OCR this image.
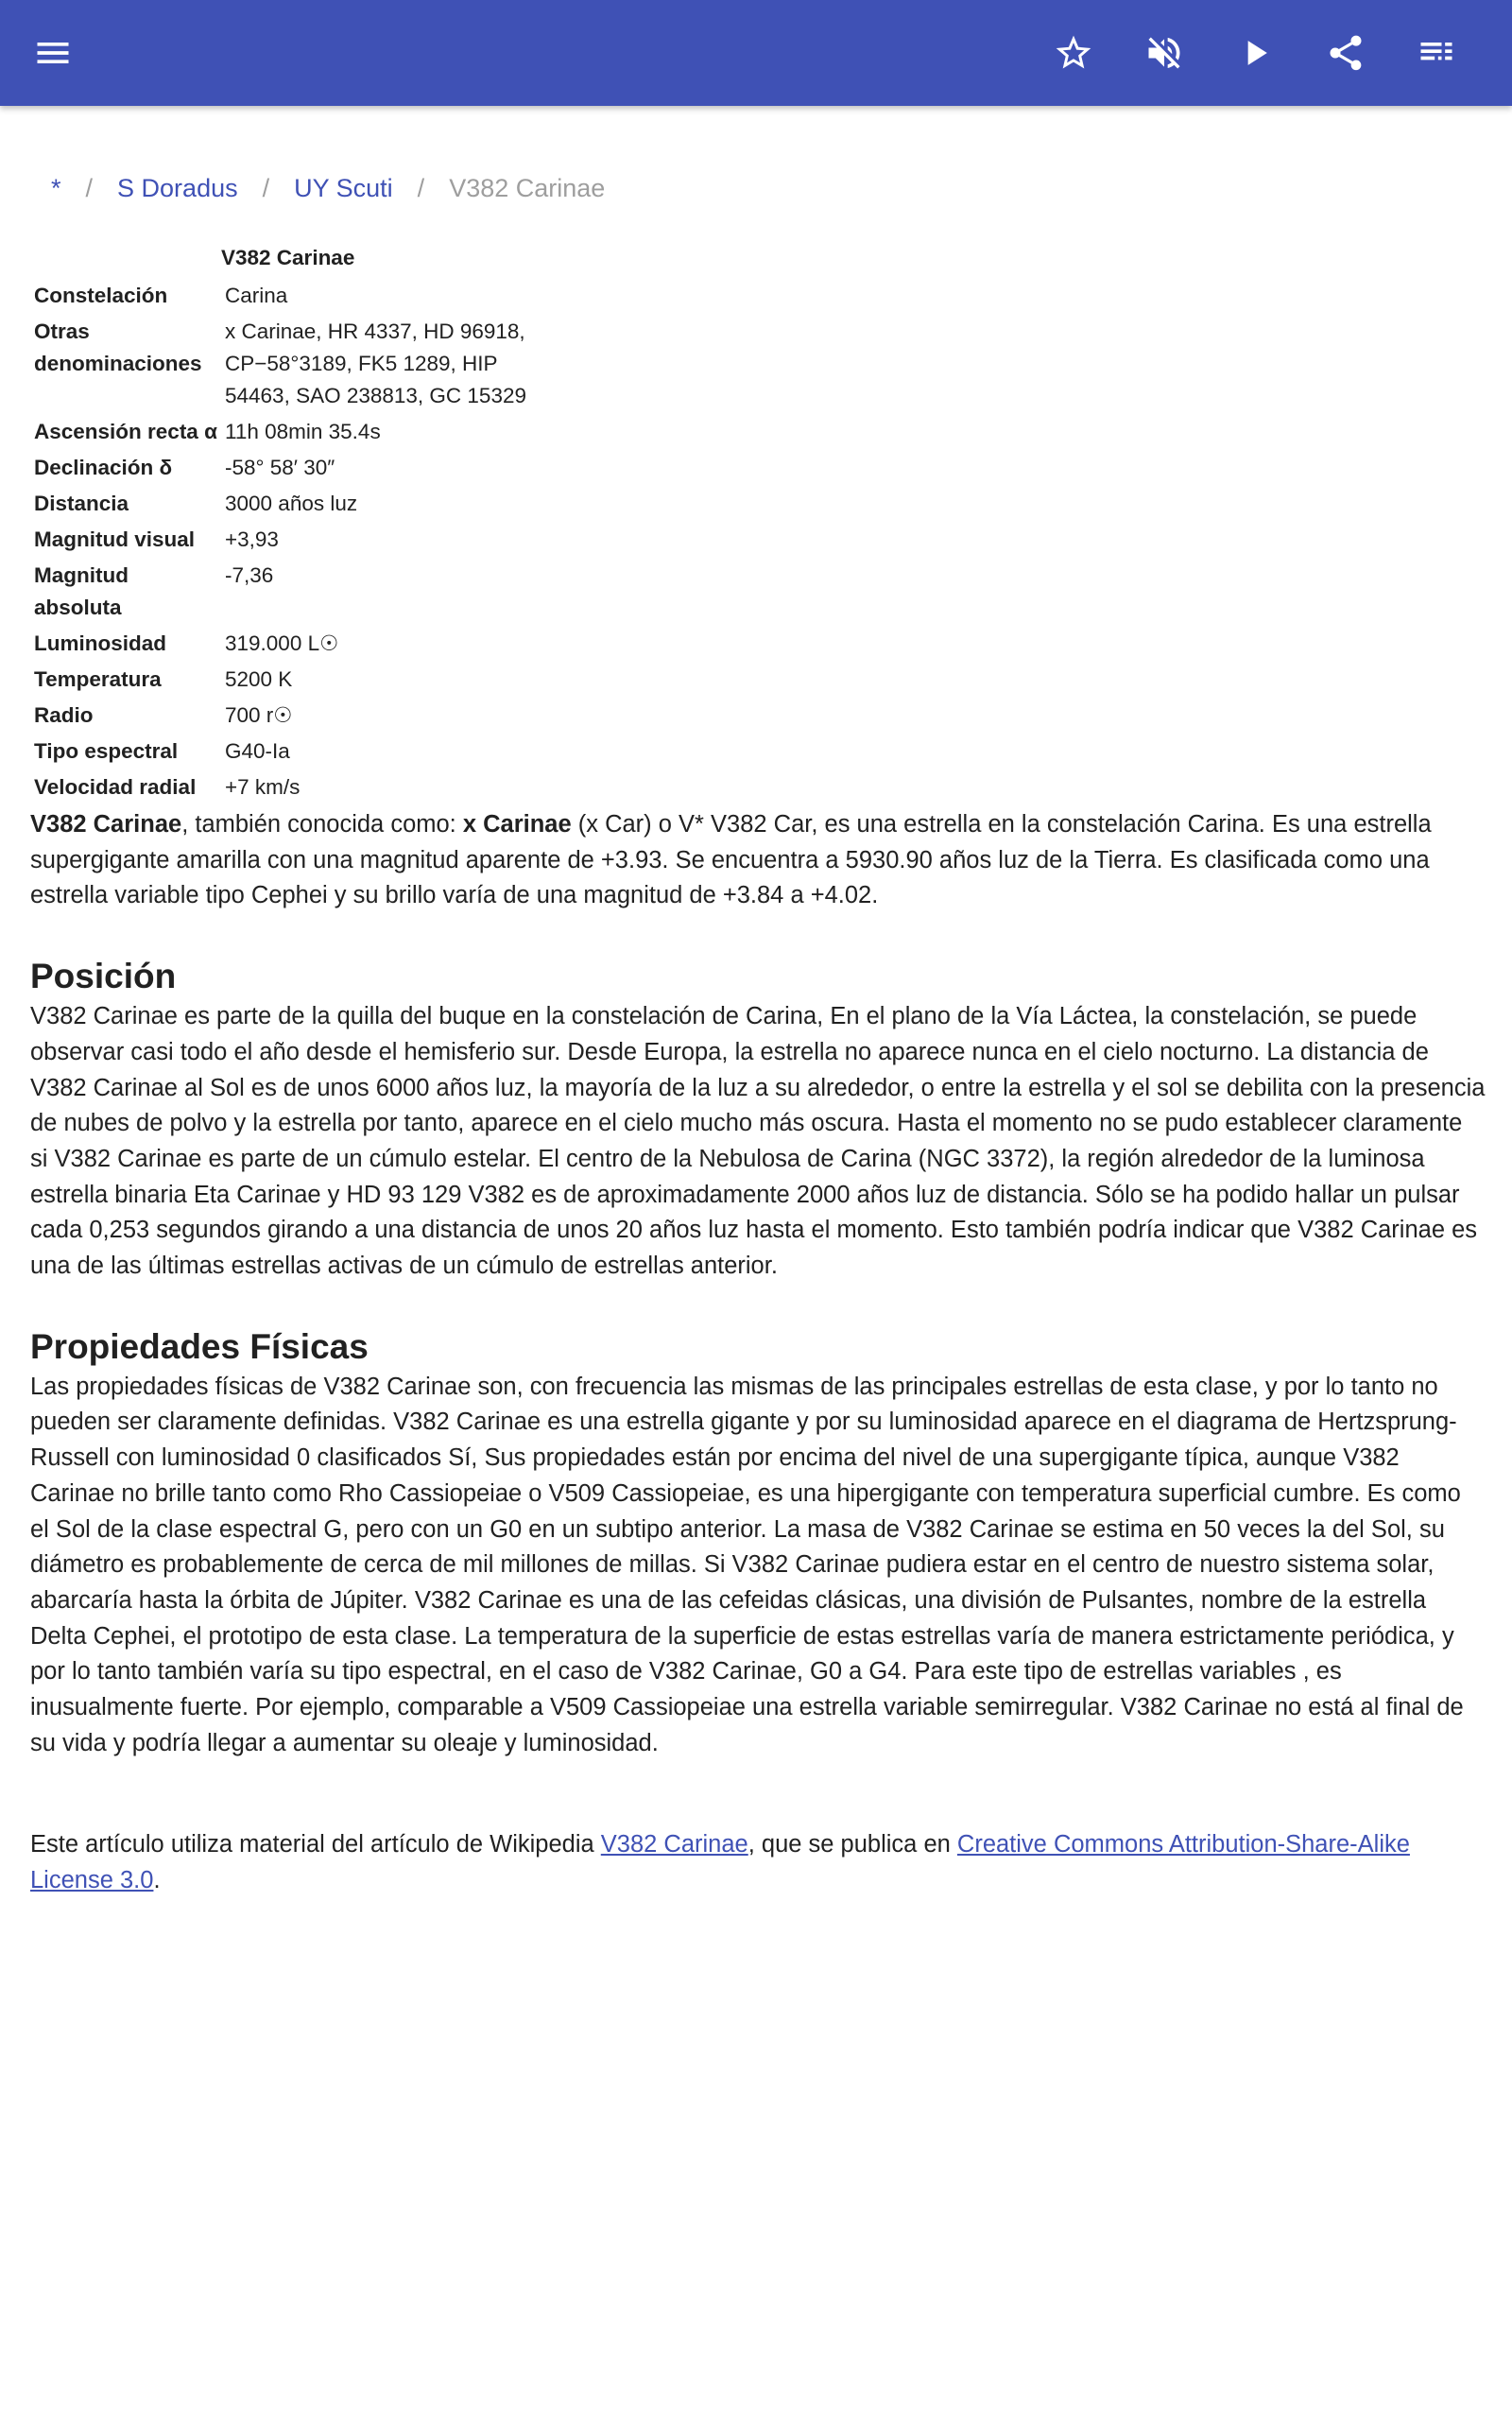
* / S Doradus / UY Scuti / V382 Carinae
V382 Carinae	
Constelación	Carina
Otras denominaciones	x Carinae, HR 4337, HD 96918, CP−58°3189, FK5 1289, HIP 54463, SAO 238813, GC 15329
Ascensión recta α	11h 08min 35.4s
Declinación δ	-58° 58′ 30″
Distancia	3000 años luz
Magnitud visual	+3,93
Magnitud absoluta	-7,36
Luminosidad	319.000 L☉
Temperatura	5200 K
Radio	700 r☉
Tipo espectral	G40-Ia
Velocidad radial	+7 km/s

V382 Carinae, también conocida como: x Carinae (x Car) o V* V382 Car, es una estrella en la constelación Carina. Es una estrella supergigante amarilla con una magnitud aparente de +3.93. Se encuentra a 5930.90 años luz de la Tierra. Es clasificada como una estrella variable tipo Cephei y su brillo varía de una magnitud de +3.84 a +4.02.

Posición

V382 Carinae es parte de la quilla del buque en la constelación de Carina, En el plano de la Vía Láctea, la constelación, se puede observar casi todo el año desde el hemisferio sur. Desde Europa, la estrella no aparece nunca en el cielo nocturno. La distancia de V382 Carinae al Sol es de unos 6000 años luz, la mayoría de la luz a su alrededor, o entre la estrella y el sol se debilita con la presencia de nubes de polvo y la estrella por tanto, aparece en el cielo mucho más oscura. Hasta el momento no se pudo establecer claramente si V382 Carinae es parte de un cúmulo estelar. El centro de la Nebulosa de Carina (NGC 3372), la región alrededor de la luminosa estrella binaria Eta Carinae y HD 93 129 V382 es de aproximadamente 2000 años luz de distancia. Sólo se ha podido hallar un pulsar cada 0,253 segundos girando a una distancia de unos 20 años luz hasta el momento. Esto también podría indicar que V382 Carinae es una de las últimas estrellas activas de un cúmulo de estrellas anterior.

Propiedades Físicas

Las propiedades físicas de V382 Carinae son, con frecuencia las mismas de las principales estrellas de esta clase, y por lo tanto no pueden ser claramente definidas. V382 Carinae es una estrella gigante y por su luminosidad aparece en el diagrama de Hertzsprung-Russell con luminosidad 0 clasificados Sí, Sus propiedades están por encima del nivel de una supergigante típica, aunque V382 Carinae no brille tanto como Rho Cassiopeiae o V509 Cassiopeiae, es una hipergigante con temperatura superficial cumbre. Es como el Sol de la clase espectral G, pero con un G0 en un subtipo anterior. La masa de V382 Carinae se estima en 50 veces la del Sol, su diámetro es probablemente de cerca de mil millones de millas. Si V382 Carinae pudiera estar en el centro de nuestro sistema solar, abarcaría hasta la órbita de Júpiter. V382 Carinae es una de las cefeidas clásicas, una división de Pulsantes, nombre de la estrella Delta Cephei, el prototipo de esta clase. La temperatura de la superficie de estas estrellas varía de manera estrictamente periódica, y por lo tanto también varía su tipo espectral, en el caso de V382 Carinae, G0 a G4. Para este tipo de estrellas variables , es inusualmente fuerte. Por ejemplo, comparable a V509 Cassiopeiae una estrella variable semirregular. V382 Carinae no está al final de su vida y podría llegar a aumentar su oleaje y luminosidad.

Este artículo utiliza material del artículo de Wikipedia V382 Carinae, que se publica en Creative Commons Attribution-Share-Alike License 3.0.
